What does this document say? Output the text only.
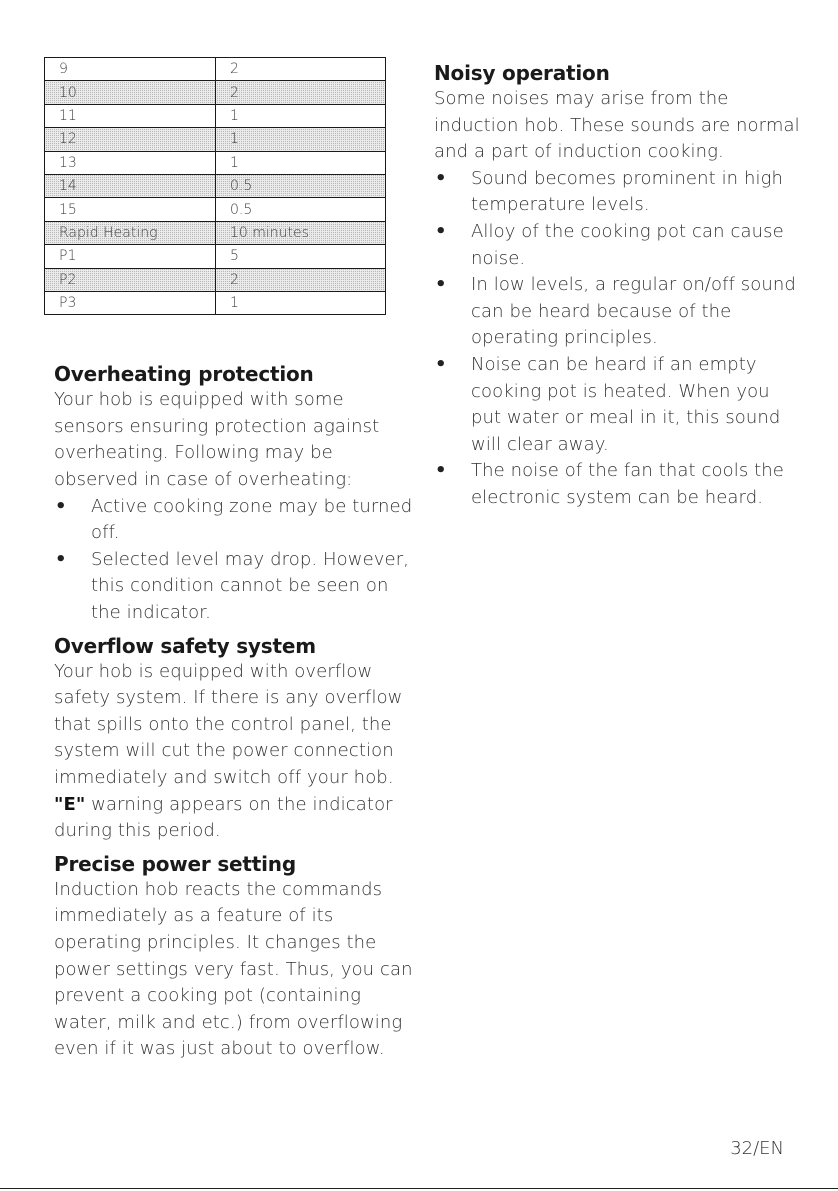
9	2
10	2
11	1
12	1
13	1
14	0.5
15	0.5
Rapid Heating	10 minutes
P1	5
P2	2
P3	1
Overheating protection

Your hob is equipped with some sensors ensuring protection against overheating. Following may be observed in case of overheating:

• Active cooking zone may be turned off.
• Selected level may drop. However, this condition cannot be seen on the indicator.
Overflow safety system

Your hob is equipped with overflow safety system. If there is any overflow that spills onto the control panel, the system will cut the power connection immediately and switch off your hob. "E" warning appears on the indicator during this period.

Precise power setting

Induction hob reacts the commands immediately as a feature of its operating principles. It changes the power settings very fast. Thus, you can prevent a cooking pot (containing water, milk and etc.) from overflowing even if it was just about to overflow.

Noisy operation

Some noises may arise from the induction hob. These sounds are normal and a part of induction cooking.

• Sound becomes prominent in high temperature levels.
• Alloy of the cooking pot can cause noise.
• In low levels, a regular on/off sound can be heard because of the operating principles.
• Noise can be heard if an empty cooking pot is heated. When you put water or meal in it, this sound will clear away.
• The noise of the fan that cools the electronic system can be heard.
32/EN
